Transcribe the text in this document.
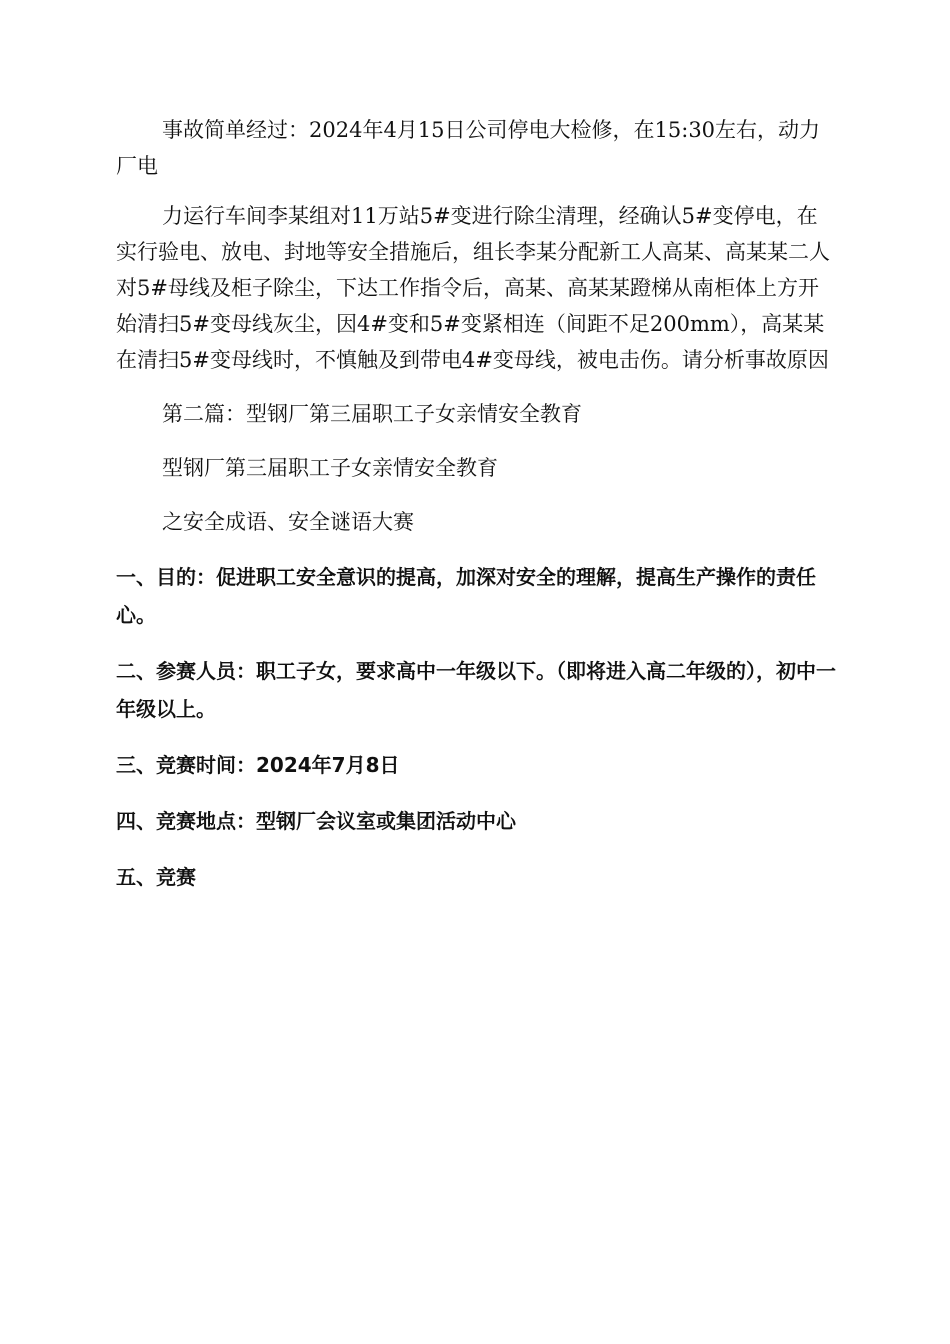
事故简单经过：2024年4月15日公司停电大检修，在15:30左右，动力厂电

力运行车间李某组对11万站5#变进行除尘清理，经确认5#变停电，在实行验电、放电、封地等安全措施后，组长李某分配新工人高某、高某某二人对5#母线及柜子除尘，下达工作指令后，高某、高某某蹬梯从南柜体上方开始清扫5#变母线灰尘，因4#变和5#变紧相连（间距不足200mm），高某某在清扫5#变母线时，不慎触及到带电4#变母线，被电击伤。请分析事故原因

第二篇：型钢厂第三届职工子女亲情安全教育

型钢厂第三届职工子女亲情安全教育

之安全成语、安全谜语大赛

一、目的：促进职工安全意识的提高，加深对安全的理解，提高生产操作的责任心。

二、参赛人员：职工子女，要求高中一年级以下。（即将进入高二年级的），初中一年级以上。

三、竞赛时间：2024年7月8日

四、竞赛地点：型钢厂会议室或集团活动中心

五、竞赛
